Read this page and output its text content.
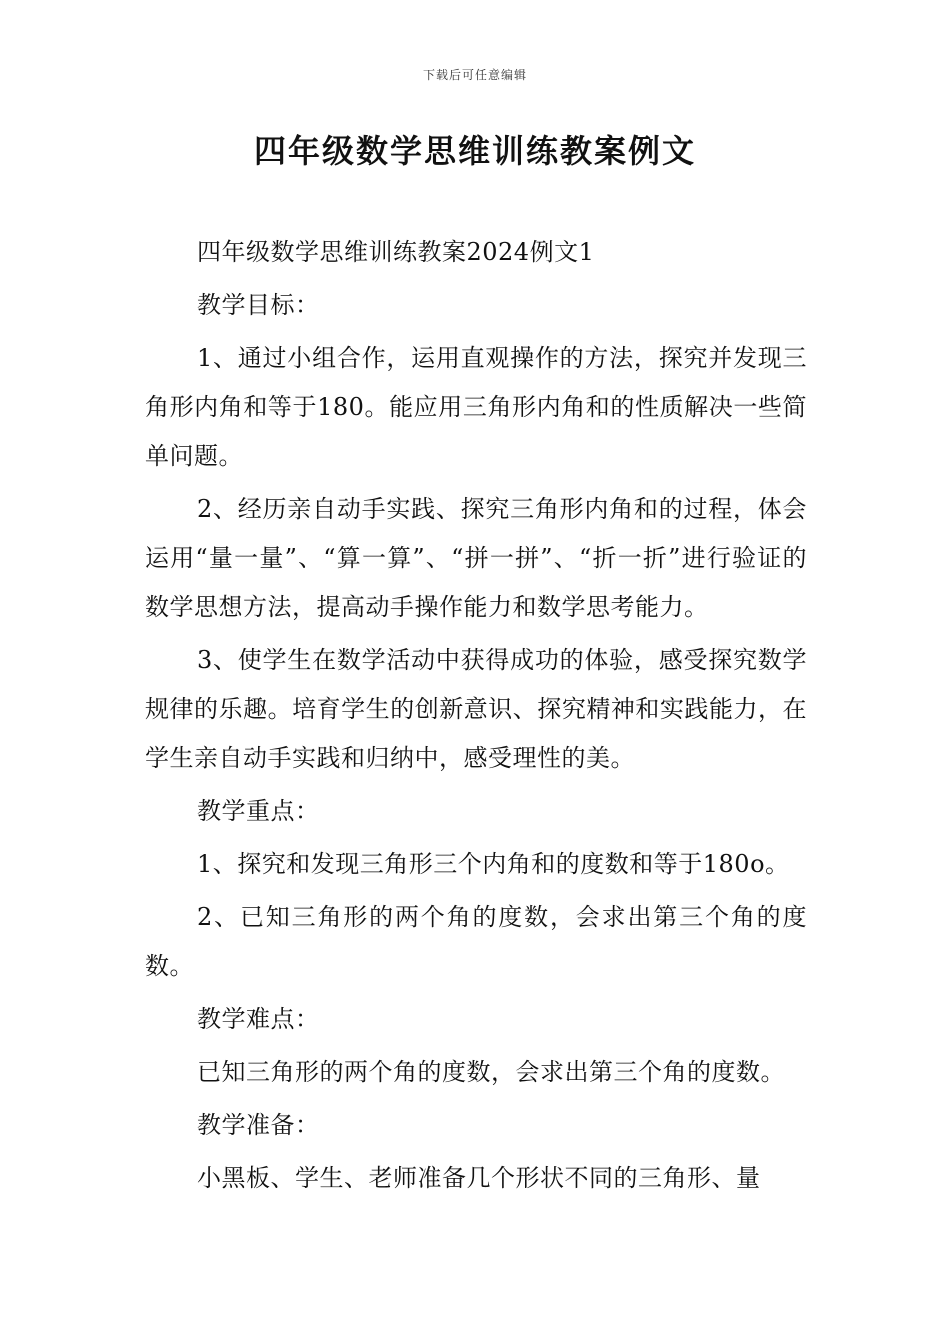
下载后可任意编辑
四年级数学思维训练教案例文

四年级数学思维训练教案2024例文1

教学目标：

1、通过小组合作，运用直观操作的方法，探究并发现三角形内角和等于180。能应用三角形内角和的性质解决一些简单问题。

2、经历亲自动手实践、探究三角形内角和的过程，体会运用“量一量”、“算一算”、“拼一拼”、“折一折”进行验证的数学思想方法，提高动手操作能力和数学思考能力。

3、使学生在数学活动中获得成功的体验，感受探究数学规律的乐趣。培育学生的创新意识、探究精神和实践能力，在学生亲自动手实践和归纳中，感受理性的美。

教学重点：

1、探究和发现三角形三个内角和的度数和等于180o。

2、已知三角形的两个角的度数，会求出第三个角的度数。

教学难点：

已知三角形的两个角的度数，会求出第三个角的度数。

教学准备：

小黑板、学生、老师准备几个形状不同的三角形、量
